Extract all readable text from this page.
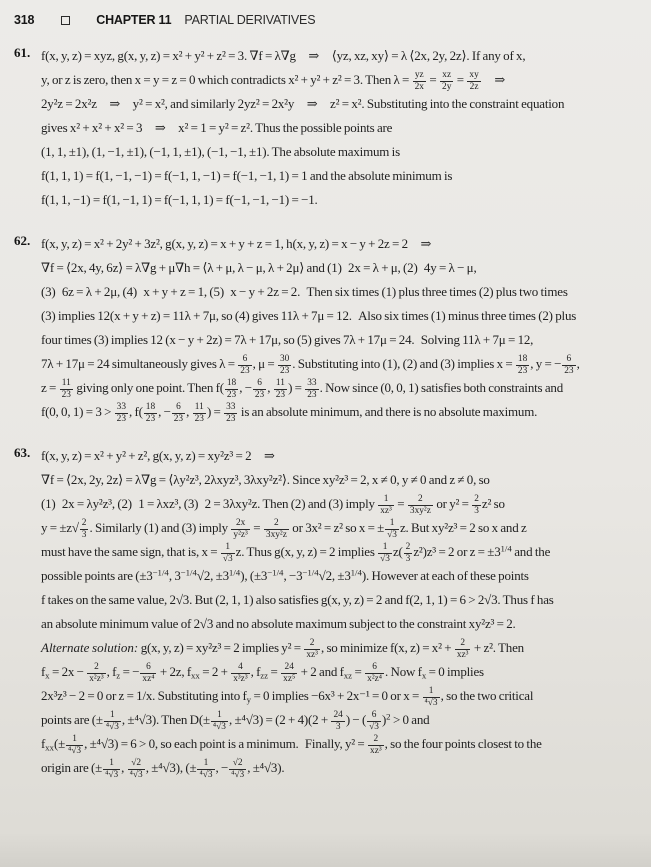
318	CHAPTER 11 PARTIAL DERIVATIVES
61. f(x, y, z) = xyz, g(x, y, z) = x² + y² + z² = 3. ∇f = λ∇g  ⇒  ⟨yz, xz, xy⟩ = λ ⟨2x, 2y, 2z⟩. If any of x,
y, or z is zero, then x = y = z = 0 which contradicts x² + y² + z² = 3. Then $\lambda = \frac{yz}{2x} = \frac{xz}{2y} = \frac{xy}{2z}$   ⇒
2y²z = 2x²z  ⇒  y² = x², and similarly 2yz² = 2x²y  ⇒  z² = x². Substituting into the constraint equation
gives x² + x² + x² = 3  ⇒  x² = 1 = y² = z². Thus the possible points are
(1, 1, ±1), (1, −1, ±1), (−1, 1, ±1), (−1, −1, ±1). The absolute maximum is
f(1, 1, 1) = f(1, −1, −1) = f(−1, 1, −1) = f(−1, −1, 1) = 1 and the absolute minimum is
f(1, 1, −1) = f(1, −1, 1) = f(−1, 1, 1) = f(−1, −1, −1) = −1.
62. f(x, y, z) = x² + 2y² + 3z², g(x, y, z) = x + y + z = 1, h(x, y, z) = x − y + 2z = 2  ⇒
∇f = ⟨2x, 4y, 6z⟩ = λ∇g + μ∇h = ⟨λ + μ, λ − μ, λ + 2μ⟩ and (1) 2x = λ + μ, (2) 4y = λ − μ,
(3) 6z = λ + 2μ, (4) x + y + z = 1, (5) x − y + 2z = 2. Then six times (1) plus three times (2) plus two times
(3) implies 12(x + y + z) = 11λ + 7μ, so (4) gives 11λ + 7μ = 12. Also six times (1) minus three times (2) plus
four times (3) implies 12 (x − y + 2z) = 7λ + 17μ, so (5) gives 7λ + 17μ = 24. Solving 11λ + 7μ = 12,
7λ + 17μ = 24 simultaneously gives $\lambda = \frac{6}{23}$ , $\mu = \frac{30}{23}$ . Substituting into (1), (2) and (3) implies $x = \frac{18}{23}$ , y = − $\frac{6}{23}$ ,
$z = \frac{11}{23}$ giving only one point. Then $f( \frac{18}{23}$ , − $\frac{6}{23}$ , $\frac{11}{23}$ ) = $\frac{33}{23}$ . Now since (0, 0, 1) satisfies both constraints and
f(0, 0, $1) = 3 > \frac{33}{23}$ , $f( \frac{18}{23}$ , − $\frac{6}{23}$ , $\frac{11}{23}$ ) = $\frac{33}{23}$ is an absolute minimum, and there is no absolute maximum.
63. f(x, y, z) = x² + y² + z², g(x, y, z) = xy²z³ = 2  ⇒
∇f = ⟨2x, 2y, 2z⟩ = λ∇g = ⟨λy²z³, 2λxyz³, 3λxy²z²⟩. Since xy²z³ = 2, x ≠ 0, y ≠ 0 and z ≠ 0, so
(1) 2x = λy²z³, (2) 1 = λxz³, (3) 2 = 3λxy²z. Then (2) and (3) imply $\frac{1}{\text{xz³}} = \frac{2}{\text{3xy²z}}$ or $y^2 = \frac{2}{3} z^2$ so
$y = \pm z√ \frac{2}{3}$ . Similarly (1) and (3) imply $\frac{2x}{\text{y²z³}} = \frac{2}{\text{3xy²z}}$ or 3x² = z² so x = ± $\frac{1}{√3} z$. But xy²z³ = 2 so x and z
must have the same sign, that is, $x = \frac{1}{√3} z$. Thus g(x, y, z) = 2 implies $\frac{1}{√3} z( \frac{2}{3} z^2)z^3 = 2$ or $z = \pm 3^{1/4}$ and the
possible points are ($\pm 3^{-1/4}$, $3^{-1/4}√2$, $\pm 3^{1/4}$), ($\pm 3^{-1/4}$, $-3^{-1/4}√2$, $\pm 3^{1/4}$). However at each of these points
f takes on the same value, 2√3. But (2, 1, 1) also satisfies g(x, y, z) = 2 and f(2, 1, 1) = 6 > 2√3. Thus f has
an absolute minimum value of 2√3 and no absolute maximum subject to the constraint xy²z³ = 2.
Alternate solution: g(x, y, z) = xy²z³ = 2 implies $y^2 = \frac{2}{\text{xz³}}$ , so minimize f(x, $z) = x^2 + \frac{2}{\text{xz³}} + z^2$. Then
$f_x = 2x - \frac{2}{\text{x²z³}}$ , $f_z$ = − $\frac{6}{\text{xz⁴}} + 2z$, $f_{xx} = 2 + \frac{4}{\text{x³z³}}$ , $f_{zz} = \frac{24}{\text{xz⁵}} + 2$ and $f_{xz} = \frac{6}{\text{x²z⁴}}$ . Now $f_x = 0$ implies
2x³z³ − 2 = 0 or z = 1/x. Substituting into $f_y = 0$ implies −6x³ + 2x⁻¹ = 0 or $x = \frac{1}{\text{⁴√3}}$ , so the two critical
points are (± $\frac{1}{\text{⁴√3}}$ , ±⁴√3). Then $D(\pm \frac{1}{\text{⁴√3}}$ , $\pm^4√3) = (2 + 4)(2 + \frac{24}{3}$ ) − ( $\frac{6}{√3} )^2 > 0$ and
$f_{xx}(\pm \frac{1}{\text{⁴√3}}$ , ±⁴√3) = 6 > 0, so each point is a minimum. Finally, $y^2 = \frac{2}{\text{xz³}}$ , so the four points closest to the
origin are (± $\frac{1}{\text{⁴√3}}$ , $\frac{√2}{\text{⁴√3}}$ , ±⁴√3), (± $\frac{1}{\text{⁴√3}}$ , − $\frac{√2}{\text{⁴√3}}$ , ±⁴√3).
